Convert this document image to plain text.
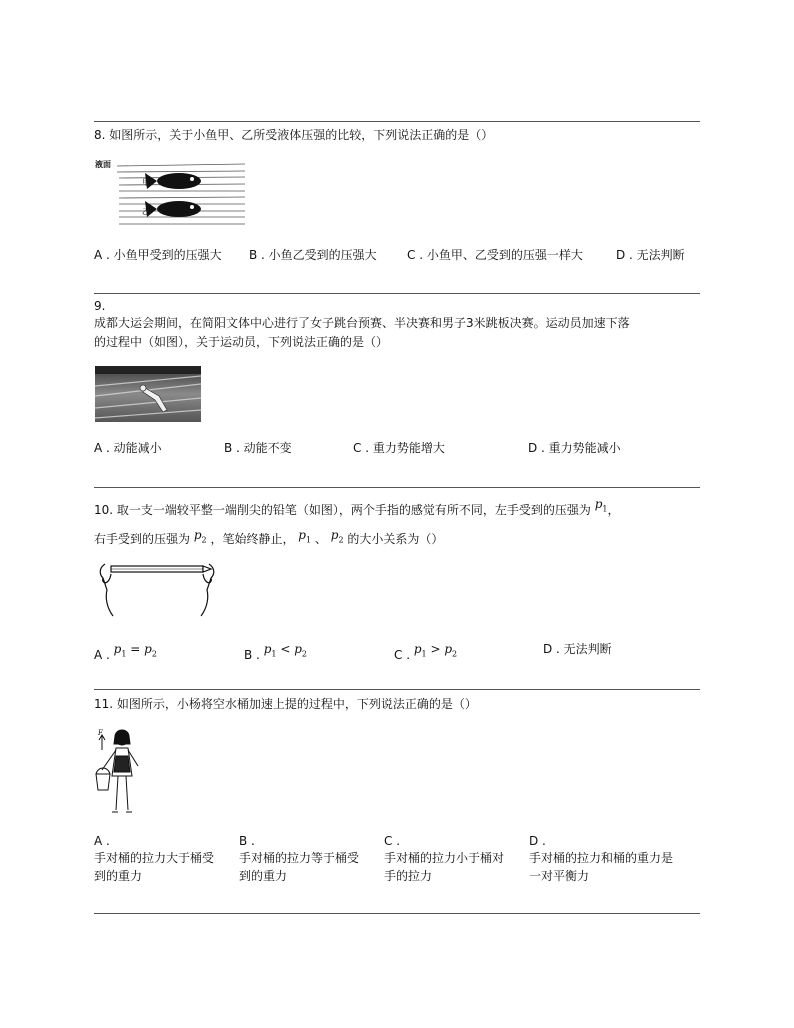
8. 如图所示，关于小鱼甲、乙所受液体压强的比较，下列说法正确的是（）
液面
甲
乙
A . 小鱼甲受到的压强大 B . 小鱼乙受到的压强大	C . 小鱼甲、乙受到的压强一样大	D . 无法判断
9.
成都大运会期间，在简阳文体中心进行了女子跳台预赛、半决赛和男子3米跳板决赛。运动员加速下落
的过程中（如图），关于运动员，下列说法正确的是（）
A . 动能减小	B . 动能不变	C . 重力势能增大	D . 重力势能减小
10. 取一支一端较平整一端削尖的铅笔（如图），两个手指的感觉有所不同，左手受到的压强为 $p_1$，
右手受到的压强为 $p_2$ ，笔始终静止， $p_1$ 、 $p_2$ 的大小关系为（）
A . $p_1 = p_2$	B . $p_1 < p_2$	C . $p_1 > p_2$	D . 无法判断
11. 如图所示，小杨将空水桶加速上提的过程中，下列说法正确的是（）
F
A .
手对桶的拉力大于桶受
到的重力
B .
手对桶的拉力等于桶受
到的重力
C .
手对桶的拉力小于桶对
手的拉力
D .
手对桶的拉力和桶的重力是
一对平衡力
